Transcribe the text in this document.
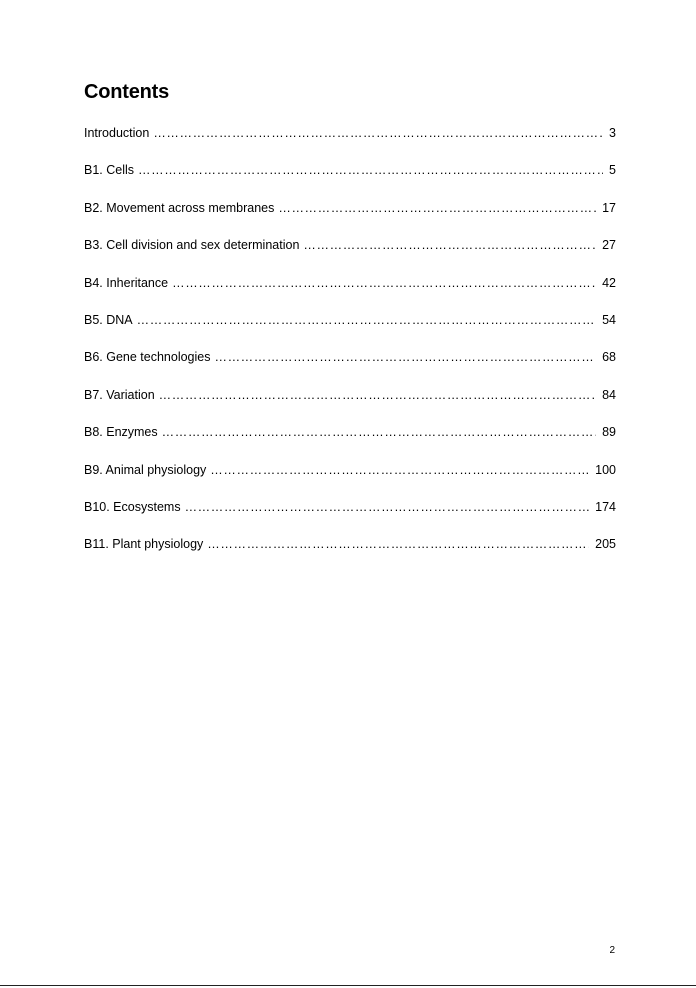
Contents
Introduction ……………………………………………………………………………………………………………………………………………………………………………………………………	3
B1. Cells ……………………………………………………………………………………………………………………………………………………………………………………………………	5
B2. Movement across membranes ……………………………………………………………………………………………………………………………………………………………………………………………………	17
B3. Cell division and sex determination ……………………………………………………………………………………………………………………………………………………………………………………………………	27
B4. Inheritance ……………………………………………………………………………………………………………………………………………………………………………………………………	42
B5. DNA ……………………………………………………………………………………………………………………………………………………………………………………………………	54
B6. Gene technologies ……………………………………………………………………………………………………………………………………………………………………………………………………	68
B7. Variation ……………………………………………………………………………………………………………………………………………………………………………………………………	84
B8. Enzymes ……………………………………………………………………………………………………………………………………………………………………………………………………	89
B9. Animal physiology ……………………………………………………………………………………………………………………………………………………………………………………………………	100
B10. Ecosystems ……………………………………………………………………………………………………………………………………………………………………………………………………	174
B11. Plant physiology ……………………………………………………………………………………………………………………………………………………………………………………………………	205
2
